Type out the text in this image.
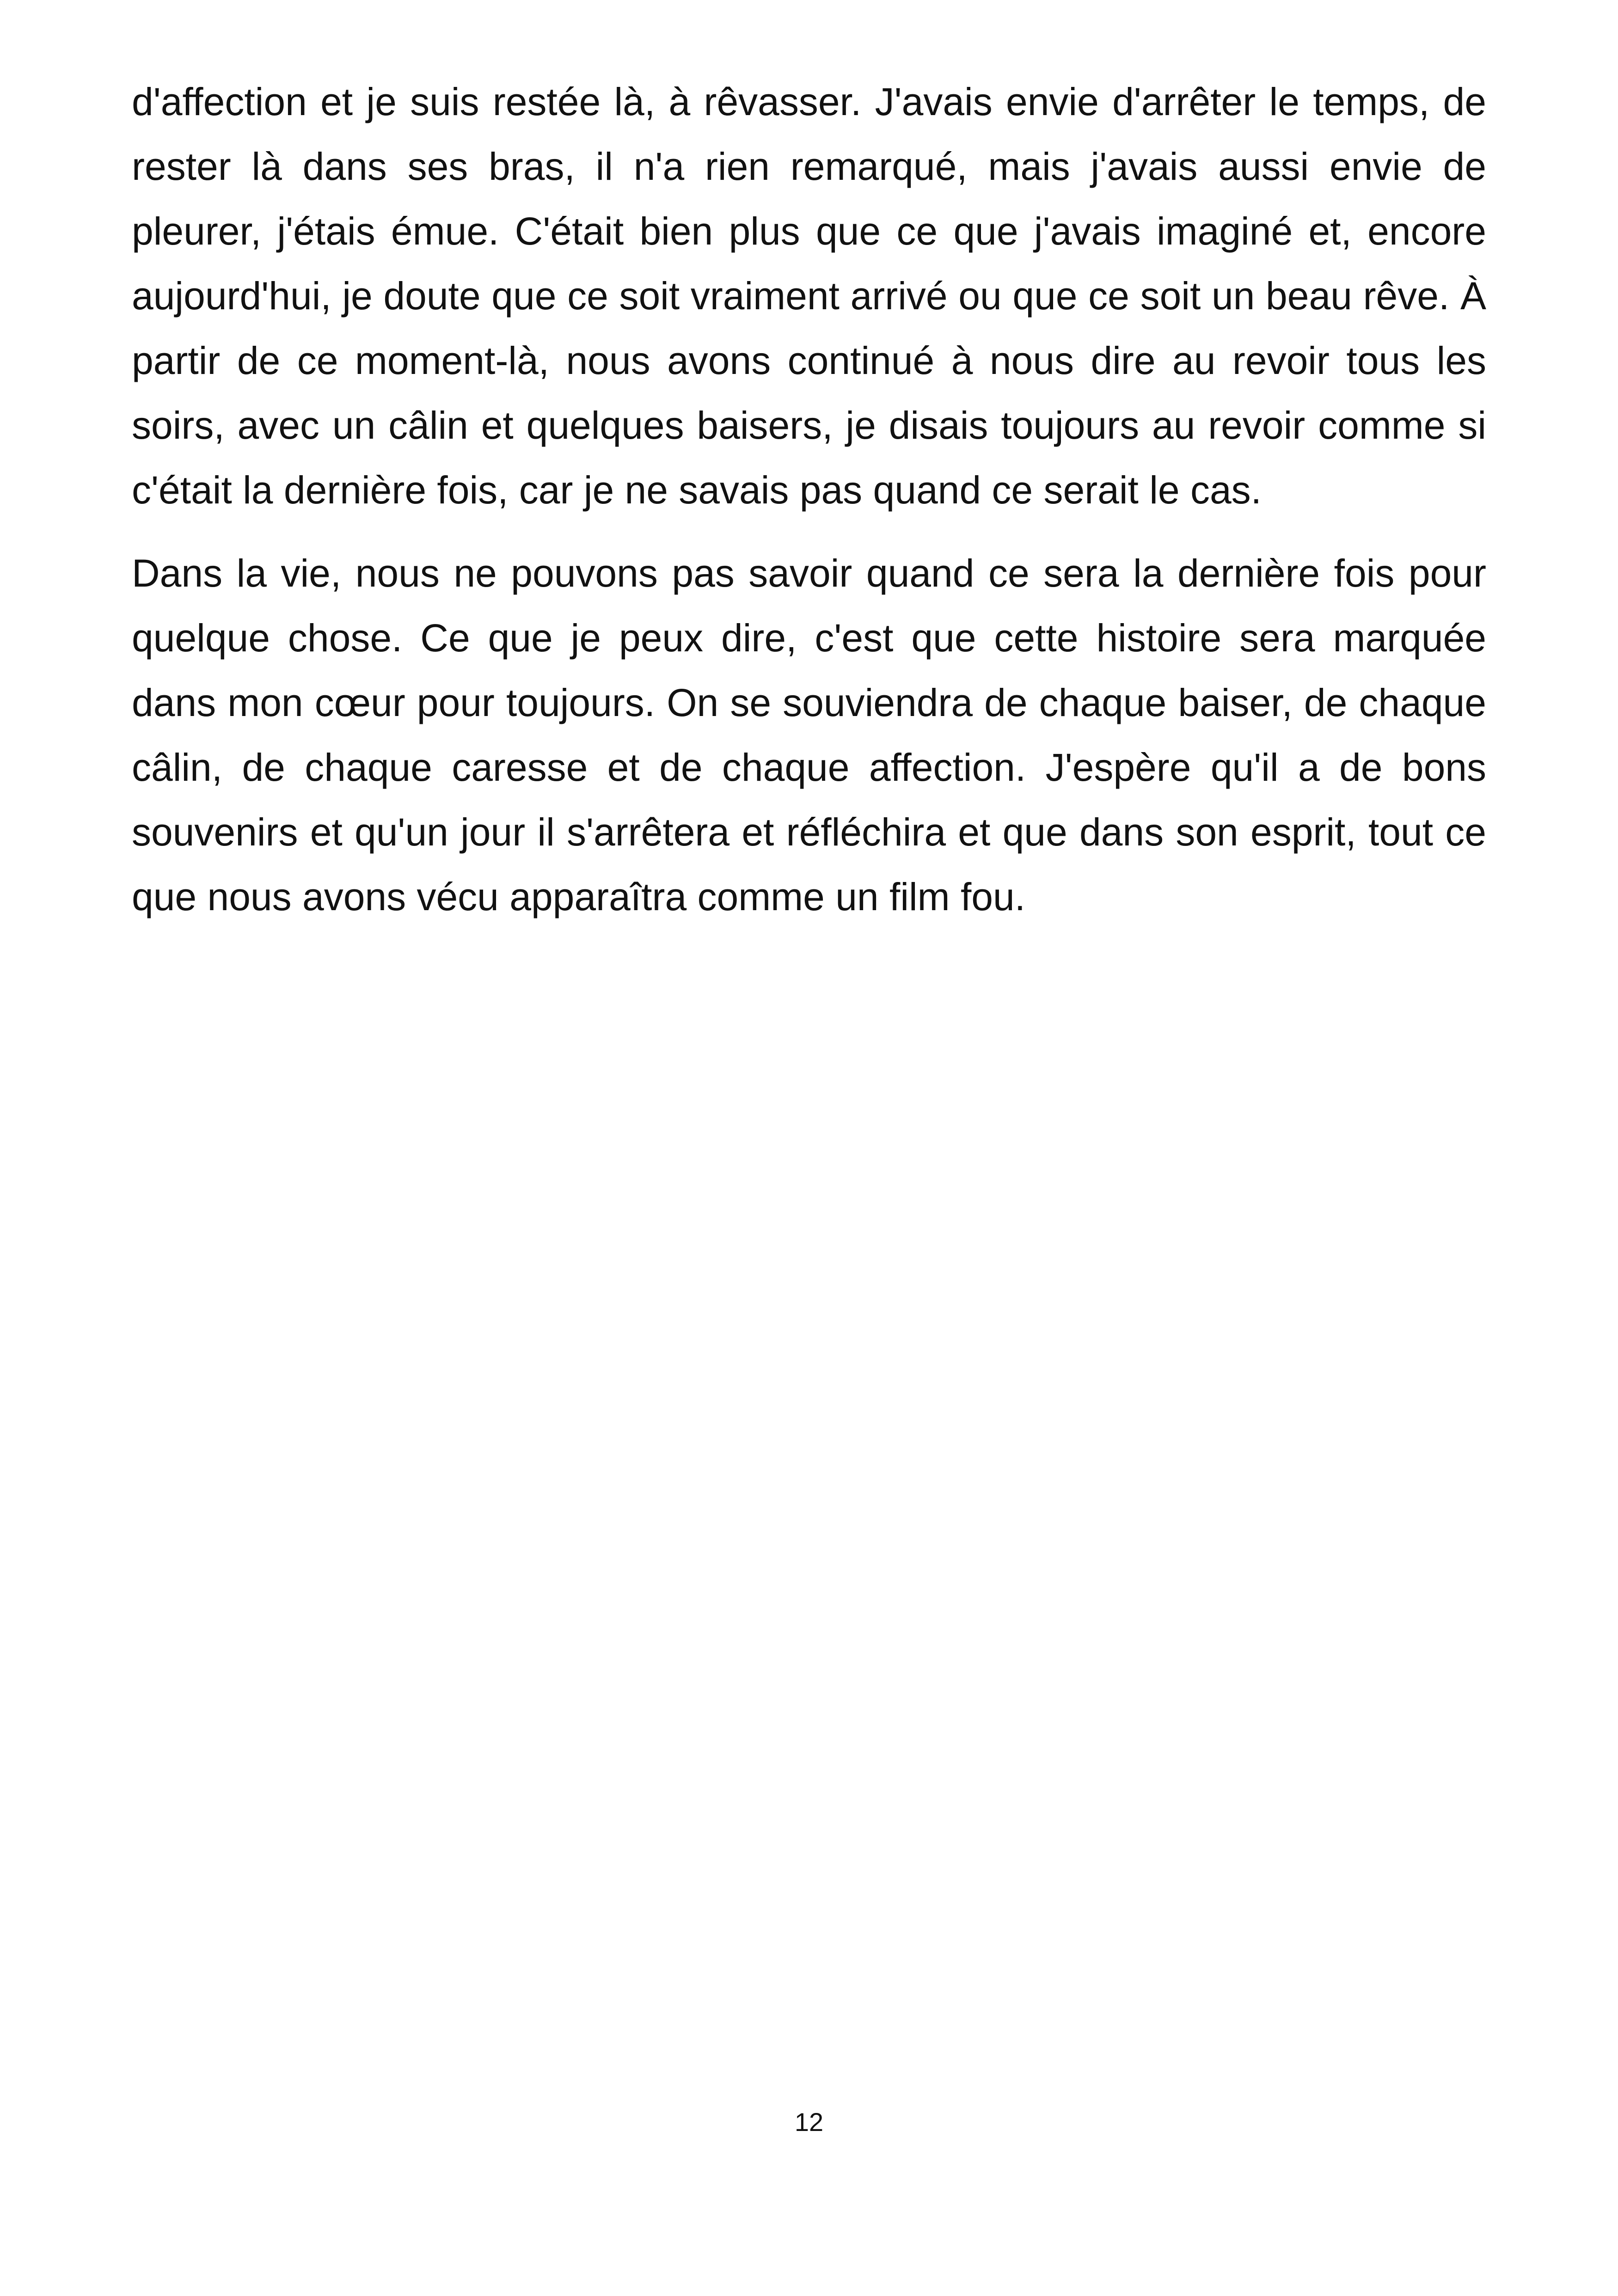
d'affection et je suis restée là, à rêvasser. J'avais envie d'arrêter le temps, de rester là dans ses bras, il n'a rien remarqué, mais j'avais aussi envie de pleurer, j'étais émue. C'était bien plus que ce que j'avais imaginé et, encore aujourd'hui, je doute que ce soit vraiment arrivé ou que ce soit un beau rêve. À partir de ce moment-là, nous avons continué à nous dire au revoir tous les soirs, avec un câlin et quelques baisers, je disais toujours au revoir comme si c'était la dernière fois, car je ne savais pas quand ce serait le cas.

Dans la vie, nous ne pouvons pas savoir quand ce sera la dernière fois pour quelque chose. Ce que je peux dire, c'est que cette histoire sera marquée dans mon cœur pour toujours. On se souviendra de chaque baiser, de chaque câlin, de chaque caresse et de chaque affection. J'espère qu'il a de bons souvenirs et qu'un jour il s'arrêtera et réfléchira et que dans son esprit, tout ce que nous avons vécu apparaîtra comme un film fou.

12
